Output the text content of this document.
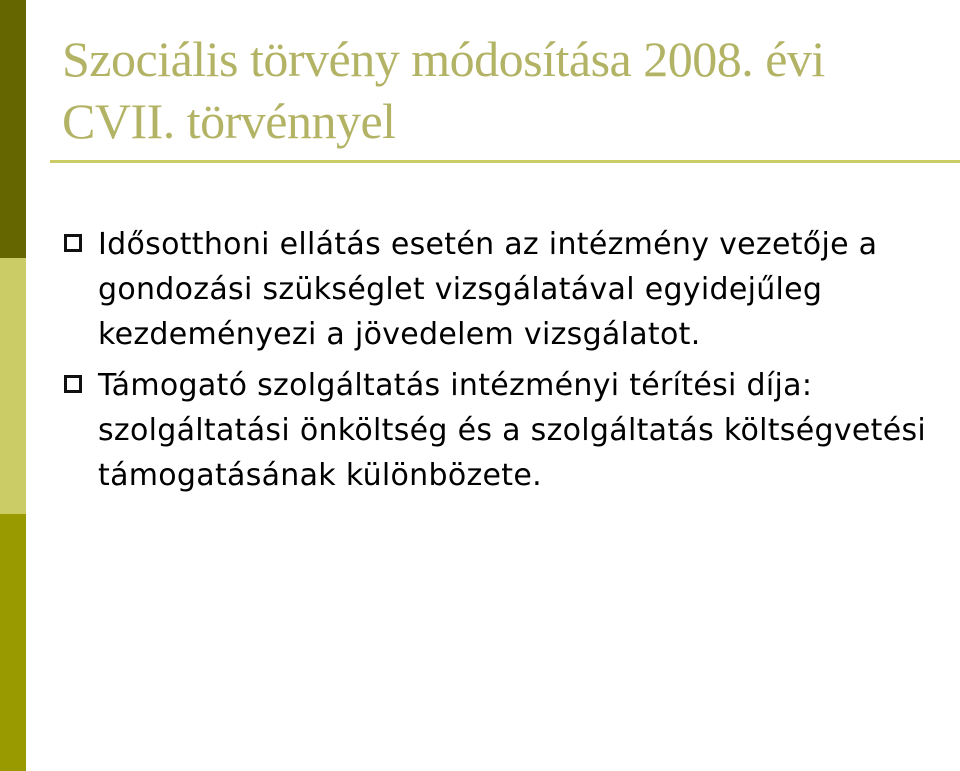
Szociális törvény módosítása 2008. évi CVII. törvénnyel
Idősotthoni ellátás esetén az intézmény vezetője a gondozási szükséglet vizsgálatával egyidejűleg kezdeményezi a jövedelem vizsgálatot.
Támogató szolgáltatás intézményi térítési díja: szolgáltatási önköltség és a szolgáltatás költségvetési támogatásának különbözete.
